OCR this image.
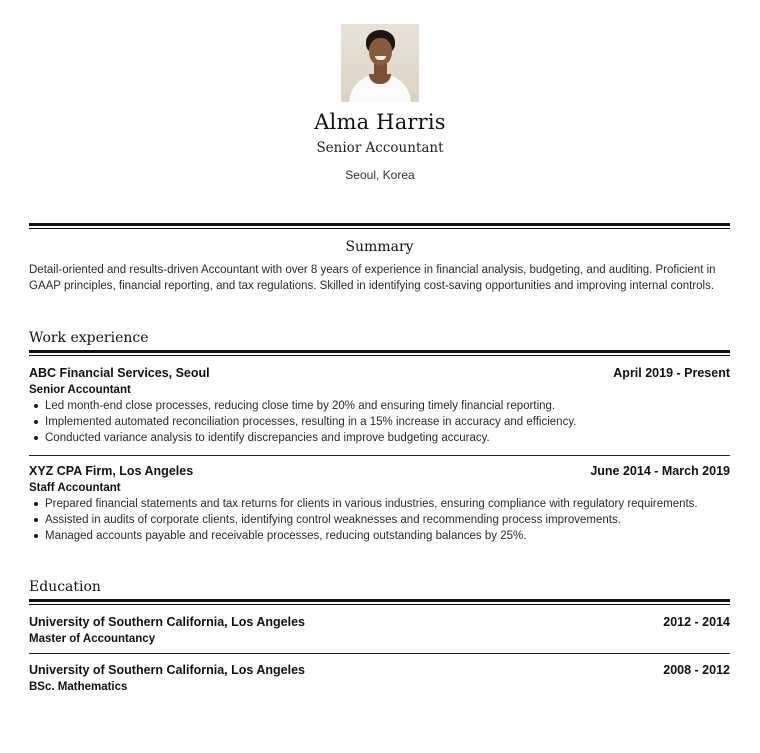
Alma Harris
Senior Accountant
Seoul, Korea
Summary

Detail-oriented and results-driven Accountant with over 8 years of experience in financial analysis, budgeting, and auditing. Proficient in GAAP principles, financial reporting, and tax regulations. Skilled in identifying cost-saving opportunities and improving internal controls.

Work experience
ABC Financial Services, Seoul	April 2019 - Present
Senior Accountant
Led month-end close processes, reducing close time by 20% and ensuring timely financial reporting.
Implemented automated reconciliation processes, resulting in a 15% increase in accuracy and efficiency.
Conducted variance analysis to identify discrepancies and improve budgeting accuracy.
XYZ CPA Firm, Los Angeles	June 2014 - March 2019
Staff Accountant
Prepared financial statements and tax returns for clients in various industries, ensuring compliance with regulatory requirements.
Assisted in audits of corporate clients, identifying control weaknesses and recommending process improvements.
Managed accounts payable and receivable processes, reducing outstanding balances by 25%.
Education
University of Southern California, Los Angeles	2012 - 2014
Master of Accountancy
University of Southern California, Los Angeles	2008 - 2012
BSc. Mathematics
